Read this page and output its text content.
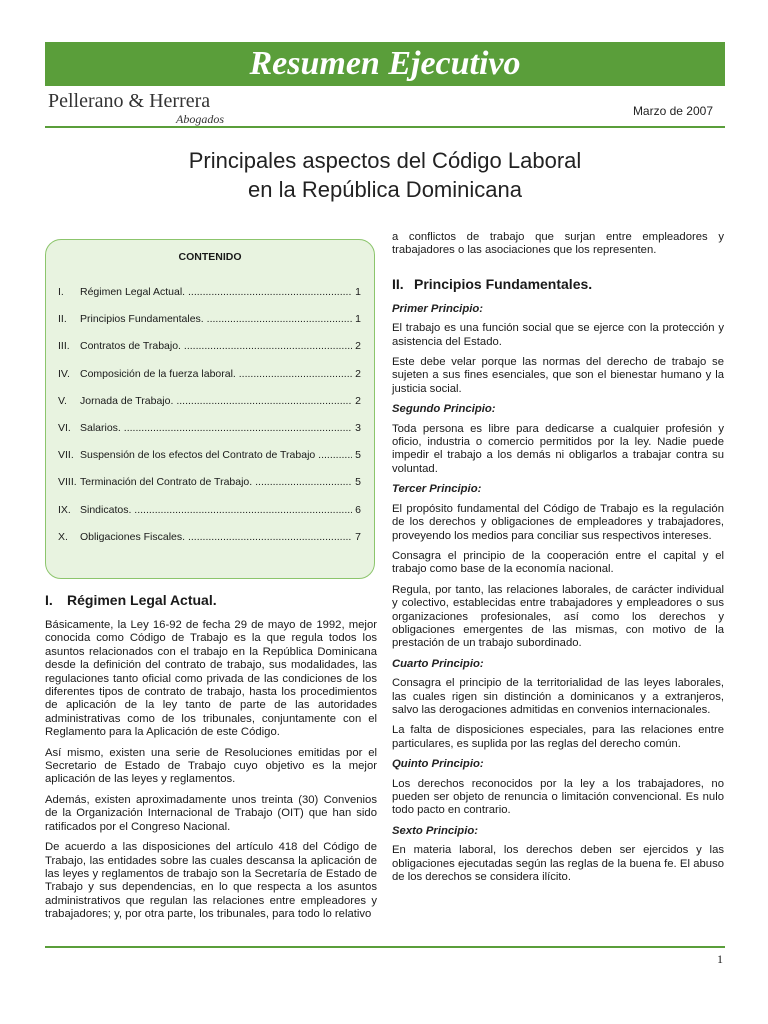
Resumen Ejecutivo
Pellerano & Herrera
Abogados
Marzo de 2007
Principales aspectos del Código Laboral
en la República Dominicana
CONTENIDO
I.	Régimen Legal Actual. .....	1
II.	Principios Fundamentales. .....	1
III. Contratos de Trabajo. .....	2
IV. Composición de la fuerza laboral. .....	2
V.	Jornada de Trabajo. .....	2
VI. Salarios. .....	3
VII. Suspensión de los efectos del Contrato de Trabajo .....	5
VIII. Terminación del Contrato de Trabajo. .....	5
IX. Sindicatos. .....	6
X.	Obligaciones Fiscales. .....	7
I. Régimen Legal Actual.

Básicamente, la Ley 16-92 de fecha 29 de mayo de 1992, mejor conocida como Código de Trabajo es la que regula todos los asuntos relacionados con el trabajo en la República Dominicana desde la definición del contrato de trabajo, sus modalidades, las regulaciones tanto oficial como privada de las condiciones de los diferentes tipos de contrato de trabajo, hasta los procedimientos de aplicación de la ley tanto de parte de las autoridades administrativas como de los tribunales, conjuntamente con el Reglamento para la Aplicación de este Código.

Así mismo, existen una serie de Resoluciones emitidas por el Secretario de Estado de Trabajo cuyo objetivo es la mejor aplicación de las leyes y reglamentos.

Además, existen aproximadamente unos treinta (30) Convenios de la Organización Internacional de Trabajo (OIT) que han sido ratificados por el Congreso Nacional.

De acuerdo a las disposiciones del artículo 418 del Código de Trabajo, las entidades sobre las cuales descansa la aplicación de las leyes y reglamentos de trabajo son la Secretaría de Estado de Trabajo y sus dependencias, en lo que respecta a los asuntos administrativos que regulan las relaciones entre empleadores y trabajadores; y, por otra parte, los tribunales, para todo lo relativo

a conflictos de trabajo que surjan entre empleadores y trabajadores o las asociaciones que los representen.

II. Principios Fundamentales.
Primer Principio:

El trabajo es una función social que se ejerce con la protección y asistencia del Estado.

Este debe velar porque las normas del derecho de trabajo se sujeten a sus fines esenciales, que son el bienestar humano y la justicia social.

Segundo Principio:

Toda persona es libre para dedicarse a cualquier profesión y oficio, industria o comercio permitidos por la ley. Nadie puede impedir el trabajo a los demás ni obligarlos a trabajar contra su voluntad.

Tercer Principio:

El propósito fundamental del Código de Trabajo es la regulación de los derechos y obligaciones de empleadores y trabajadores, proveyendo los medios para conciliar sus respectivos intereses.

Consagra el principio de la cooperación entre el capital y el trabajo como base de la economía nacional.

Regula, por tanto, las relaciones laborales, de carácter individual y colectivo, establecidas entre trabajadores y empleadores o sus organizaciones profesionales, así como los derechos y obligaciones emergentes de las mismas, con motivo de la prestación de un trabajo subordinado.

Cuarto Principio:

Consagra el principio de la territorialidad de las leyes laborales, las cuales rigen sin distinción a dominicanos y a extranjeros, salvo las derogaciones admitidas en convenios internacionales.

La falta de disposiciones especiales, para las relaciones entre particulares, es suplida por las reglas del derecho común.

Quinto Principio:

Los derechos reconocidos por la ley a los trabajadores, no pueden ser objeto de renuncia o limitación convencional. Es nulo todo pacto en contrario.

Sexto Principio:

En materia laboral, los derechos deben ser ejercidos y las obligaciones ejecutadas según las reglas de la buena fe. El abuso de los derechos se considera ilícito.

1
